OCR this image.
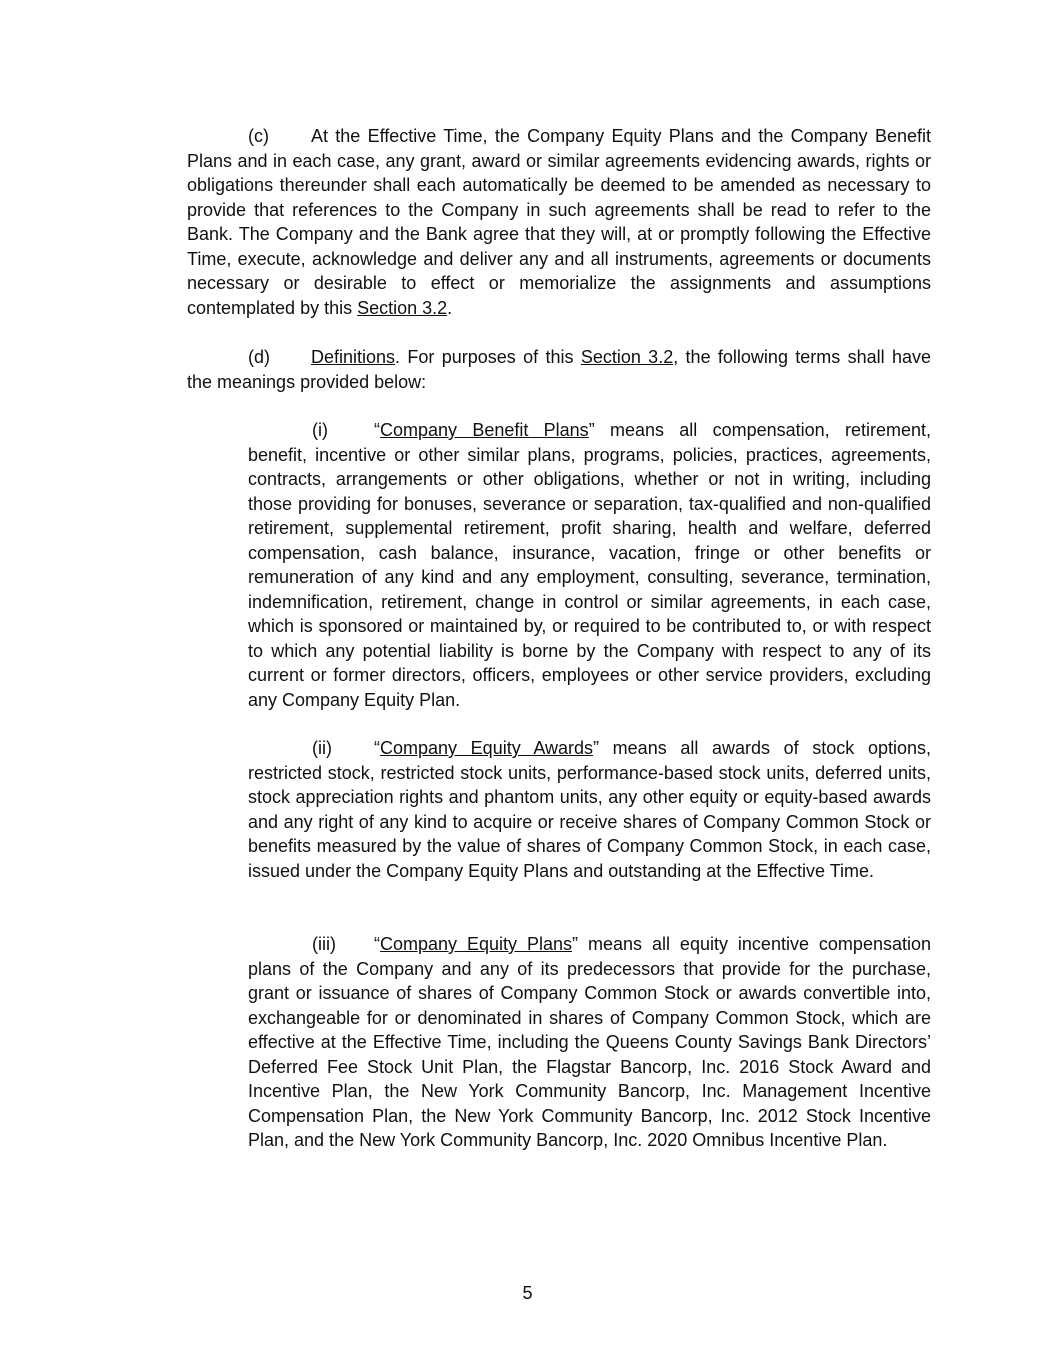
(c) At the Effective Time, the Company Equity Plans and the Company Benefit Plans and in each case, any grant, award or similar agreements evidencing awards, rights or obligations thereunder shall each automatically be deemed to be amended as necessary to provide that references to the Company in such agreements shall be read to refer to the Bank. The Company and the Bank agree that they will, at or promptly following the Effective Time, execute, acknowledge and deliver any and all instruments, agreements or documents necessary or desirable to effect or memorialize the assignments and assumptions contemplated by this Section 3.2.

(d) Definitions. For purposes of this Section 3.2, the following terms shall have the meanings provided below:

(i)	“Company Benefit Plans” means all compensation, retirement, benefit, incentive or other similar plans, programs, policies, practices, agreements, contracts, arrangements or other obligations, whether or not in writing, including those providing for bonuses, severance or separation, tax-qualified and non-qualified retirement, supplemental retirement, profit sharing, health and welfare, deferred compensation, cash balance, insurance, vacation, fringe or other benefits or remuneration of any kind and any employment, consulting, severance, termination, indemnification, retirement, change in control or similar agreements, in each case, which is sponsored or maintained by, or required to be contributed to, or with respect to which any potential liability is borne by the Company with respect to any of its current or former directors, officers, employees or other service providers, excluding any Company Equity Plan.

(ii) “Company Equity Awards” means all awards of stock options, restricted stock, restricted stock units, performance-based stock units, deferred units, stock appreciation rights and phantom units, any other equity or equity-based awards and any right of any kind to acquire or receive shares of Company Common Stock or benefits measured by the value of shares of Company Common Stock, in each case, issued under the Company Equity Plans and outstanding at the Effective Time.

(iii) “Company Equity Plans” means all equity incentive compensation plans of the Company and any of its predecessors that provide for the purchase, grant or issuance of shares of Company Common Stock or awards convertible into, exchangeable for or denominated in shares of Company Common Stock, which are effective at the Effective Time, including the Queens County Savings Bank Directors’ Deferred Fee Stock Unit Plan, the Flagstar Bancorp, Inc. 2016 Stock Award and Incentive Plan, the New York Community Bancorp, Inc. Management Incentive Compensation Plan, the New York Community Bancorp, Inc. 2012 Stock Incentive Plan, and the New York Community Bancorp, Inc. 2020 Omnibus Incentive Plan.

5
